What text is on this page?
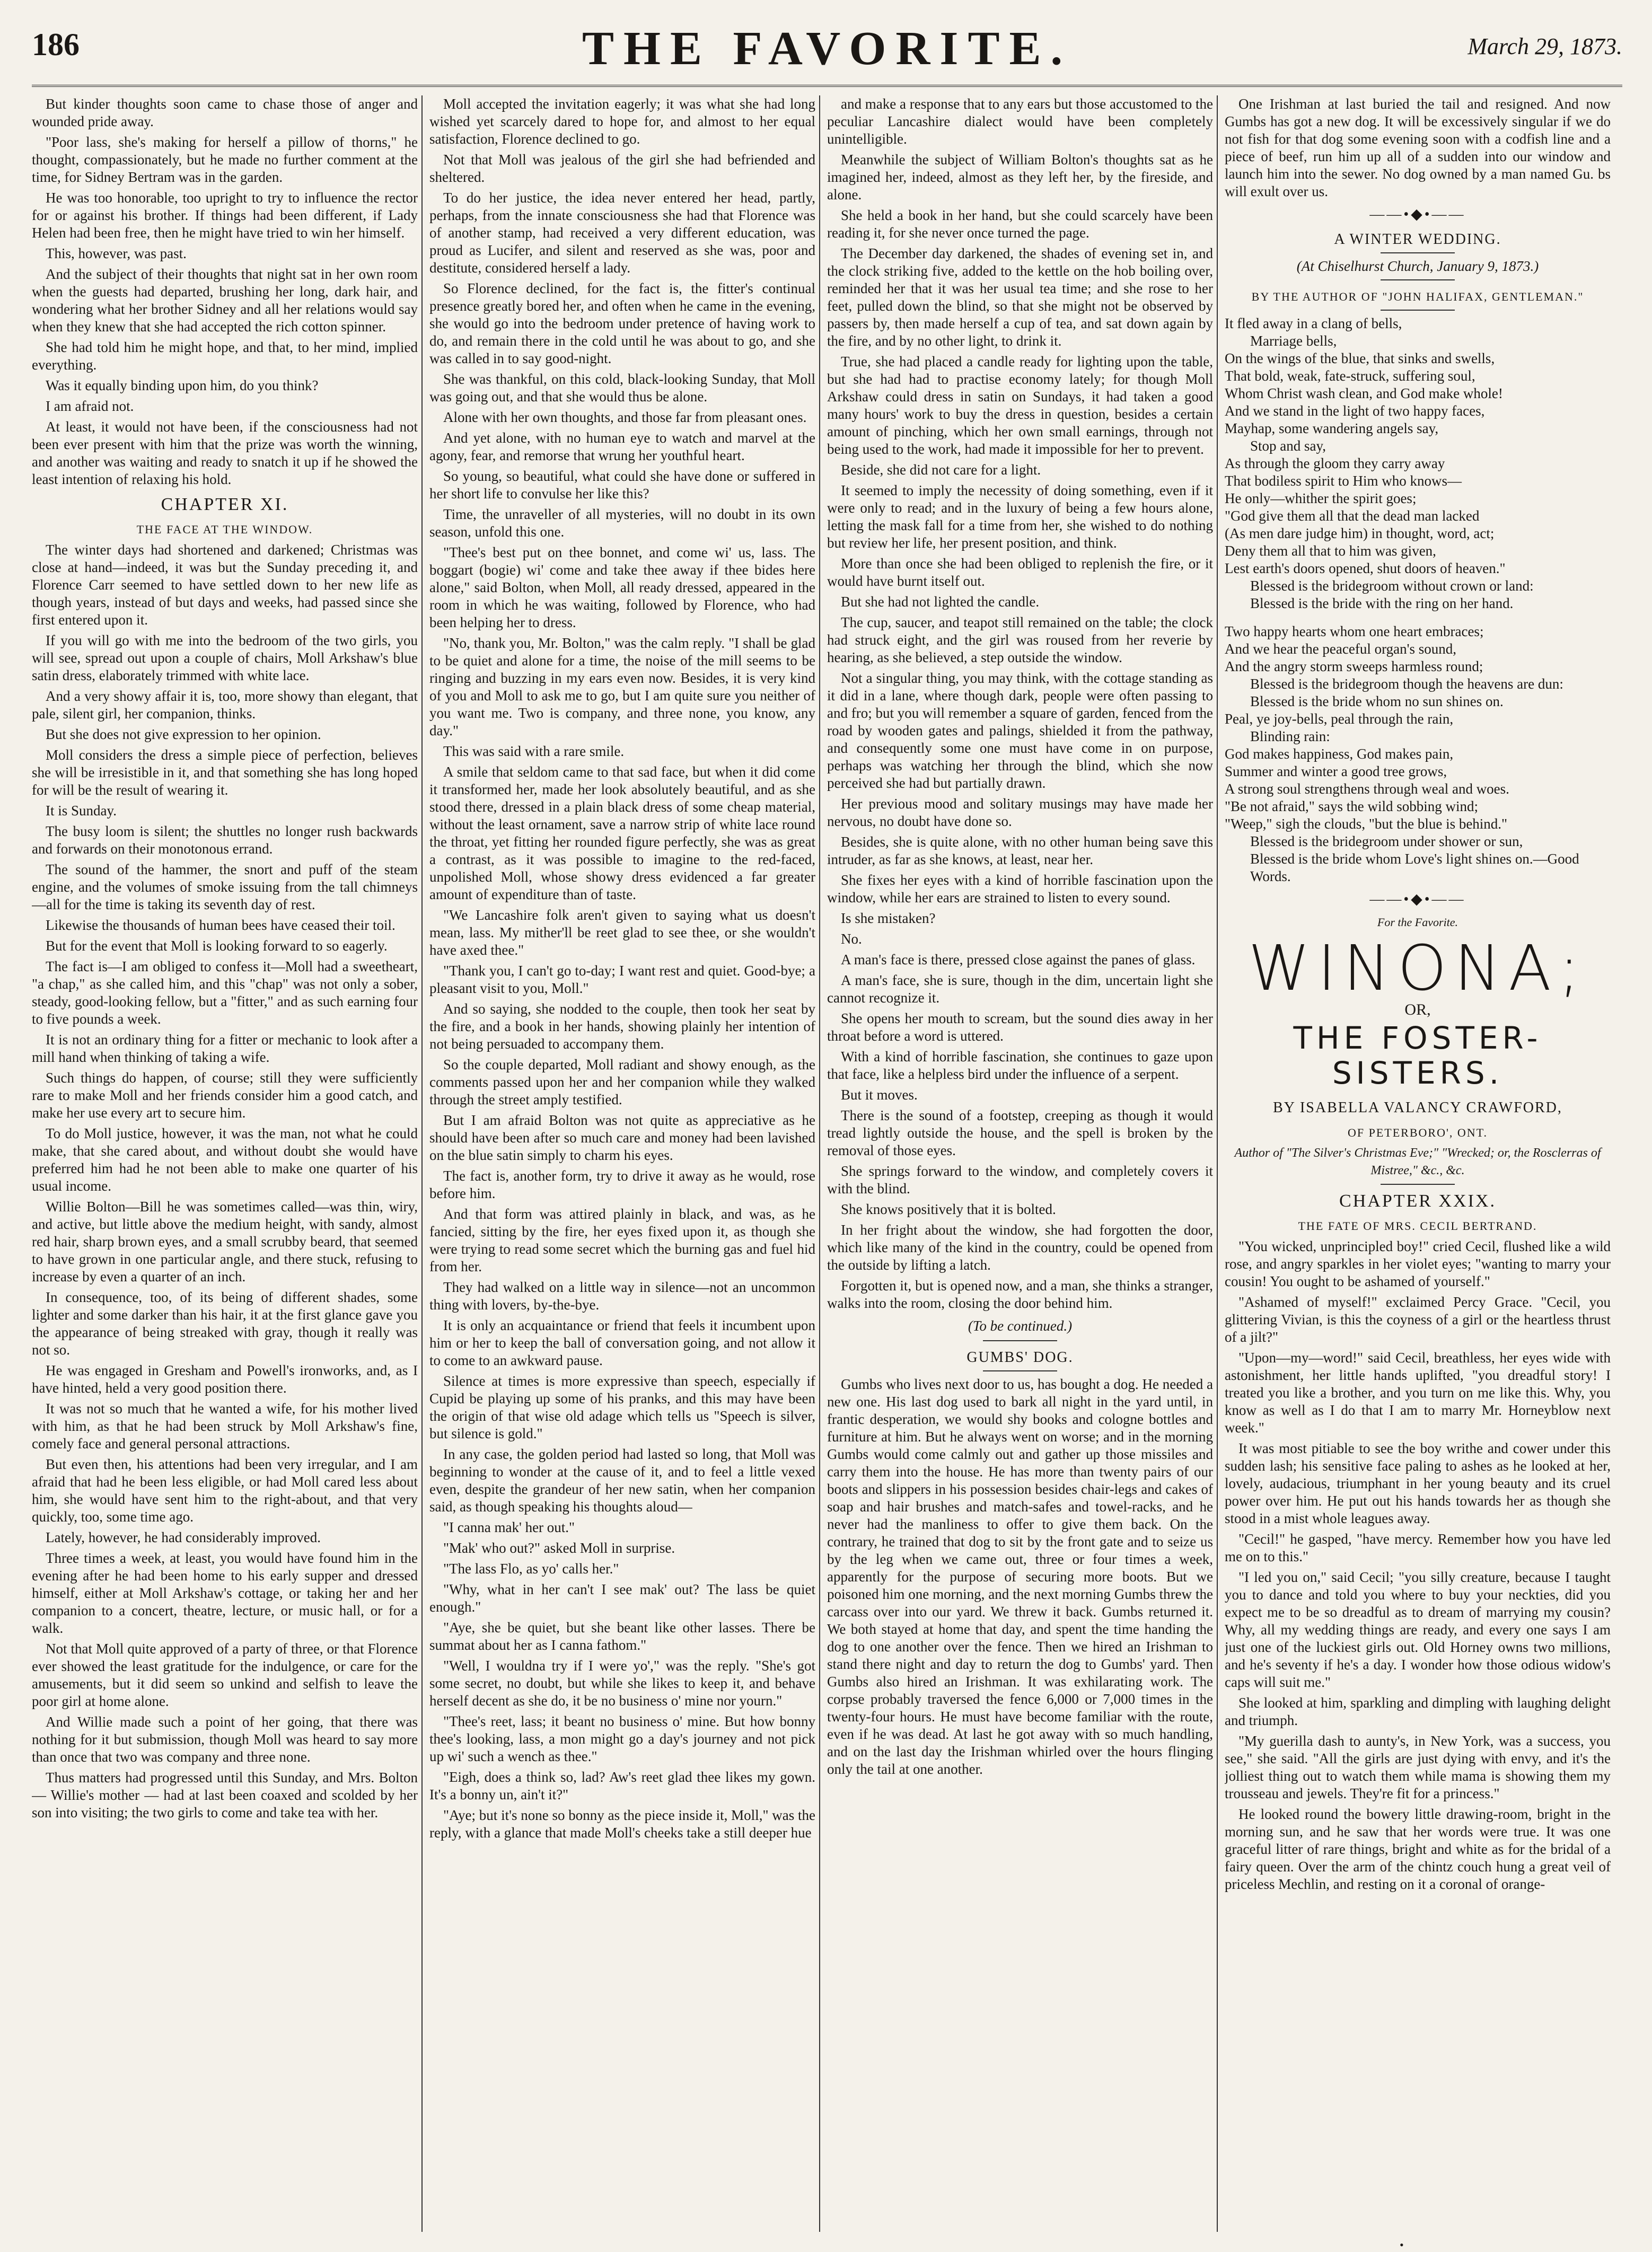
186	THE FAVORITE.	March 29, 1873.

But kinder thoughts soon came to chase those of anger and wounded pride away.

"Poor lass, she's making for herself a pillow of thorns," he thought, compassionately, but he made no further comment at the time, for Sidney Bertram was in the garden.

He was too honorable, too upright to try to influence the rector for or against his brother. If things had been different, if Lady Helen had been free, then he might have tried to win her himself.

This, however, was past.

And the subject of their thoughts that night sat in her own room when the guests had departed, brushing her long, dark hair, and wondering what her brother Sidney and all her relations would say when they knew that she had accepted the rich cotton spinner.

She had told him he might hope, and that, to her mind, implied everything.

Was it equally binding upon him, do you think?

I am afraid not.

At least, it would not have been, if the consciousness had not been ever present with him that the prize was worth the winning, and another was waiting and ready to snatch it up if he showed the least intention of relaxing his hold.

CHAPTER XI.
THE FACE AT THE WINDOW.

The winter days had shortened and darkened; Christmas was close at hand—indeed, it was but the Sunday preceding it, and Florence Carr seemed to have settled down to her new life as though years, instead of but days and weeks, had passed since she first entered upon it.

If you will go with me into the bedroom of the two girls, you will see, spread out upon a couple of chairs, Moll Arkshaw's blue satin dress, elaborately trimmed with white lace.

And a very showy affair it is, too, more showy than elegant, that pale, silent girl, her companion, thinks.

But she does not give expression to her opinion.

Moll considers the dress a simple piece of perfection, believes she will be irresistible in it, and that something she has long hoped for will be the result of wearing it.

It is Sunday.

The busy loom is silent; the shuttles no longer rush backwards and forwards on their monotonous errand.

The sound of the hammer, the snort and puff of the steam engine, and the volumes of smoke issuing from the tall chimneys—all for the time is taking its seventh day of rest.

Likewise the thousands of human bees have ceased their toil.

But for the event that Moll is looking forward to so eagerly.

The fact is—I am obliged to confess it—Moll had a sweetheart, "a chap," as she called him, and this "chap" was not only a sober, steady, good-looking fellow, but a "fitter," and as such earning four to five pounds a week.

It is not an ordinary thing for a fitter or mechanic to look after a mill hand when thinking of taking a wife.

Such things do happen, of course; still they were sufficiently rare to make Moll and her friends consider him a good catch, and make her use every art to secure him.

To do Moll justice, however, it was the man, not what he could make, that she cared about, and without doubt she would have preferred him had he not been able to make one quarter of his usual income.

Willie Bolton—Bill he was sometimes called—was thin, wiry, and active, but little above the medium height, with sandy, almost red hair, sharp brown eyes, and a small scrubby beard, that seemed to have grown in one particular angle, and there stuck, refusing to increase by even a quarter of an inch.

In consequence, too, of its being of different shades, some lighter and some darker than his hair, it at the first glance gave you the appearance of being streaked with gray, though it really was not so.

He was engaged in Gresham and Powell's ironworks, and, as I have hinted, held a very good position there.

It was not so much that he wanted a wife, for his mother lived with him, as that he had been struck by Moll Arkshaw's fine, comely face and general personal attractions.

But even then, his attentions had been very irregular, and I am afraid that had he been less eligible, or had Moll cared less about him, she would have sent him to the right-about, and that very quickly, too, some time ago.

Lately, however, he had considerably improved.

Three times a week, at least, you would have found him in the evening after he had been home to his early supper and dressed himself, either at Moll Arkshaw's cottage, or taking her and her companion to a concert, theatre, lecture, or music hall, or for a walk.

Not that Moll quite approved of a party of three, or that Florence ever showed the least gratitude for the indulgence, or care for the amusements, but it did seem so unkind and selfish to leave the poor girl at home alone.

And Willie made such a point of her going, that there was nothing for it but submission, though Moll was heard to say more than once that two was company and three none.

Thus matters had progressed until this Sunday, and Mrs. Bolton — Willie's mother — had at last been coaxed and scolded by her son into visiting; the two girls to come and take tea with her.

Moll accepted the invitation eagerly; it was what she had long wished yet scarcely dared to hope for, and almost to her equal satisfaction, Florence declined to go.

Not that Moll was jealous of the girl she had befriended and sheltered.

To do her justice, the idea never entered her head, partly, perhaps, from the innate consciousness she had that Florence was of another stamp, had received a very different education, was proud as Lucifer, and silent and reserved as she was, poor and destitute, considered herself a lady.

So Florence declined, for the fact is, the fitter's continual presence greatly bored her, and often when he came in the evening, she would go into the bedroom under pretence of having work to do, and remain there in the cold until he was about to go, and she was called in to say good-night.

She was thankful, on this cold, black-looking Sunday, that Moll was going out, and that she would thus be alone.

Alone with her own thoughts, and those far from pleasant ones.

And yet alone, with no human eye to watch and marvel at the agony, fear, and remorse that wrung her youthful heart.

So young, so beautiful, what could she have done or suffered in her short life to convulse her like this?

Time, the unraveller of all mysteries, will no doubt in its own season, unfold this one.

"Thee's best put on thee bonnet, and come wi' us, lass. The boggart (bogie) wi' come and take thee away if thee bides here alone," said Bolton, when Moll, all ready dressed, appeared in the room in which he was waiting, followed by Florence, who had been helping her to dress.

"No, thank you, Mr. Bolton," was the calm reply. "I shall be glad to be quiet and alone for a time, the noise of the mill seems to be ringing and buzzing in my ears even now. Besides, it is very kind of you and Moll to ask me to go, but I am quite sure you neither of you want me. Two is company, and three none, you know, any day."

This was said with a rare smile.

A smile that seldom came to that sad face, but when it did come it transformed her, made her look absolutely beautiful, and as she stood there, dressed in a plain black dress of some cheap material, without the least ornament, save a narrow strip of white lace round the throat, yet fitting her rounded figure perfectly, she was as great a contrast, as it was possible to imagine to the red-faced, unpolished Moll, whose showy dress evidenced a far greater amount of expenditure than of taste.

"We Lancashire folk aren't given to saying what us doesn't mean, lass. My mither'll be reet glad to see thee, or she wouldn't have axed thee."

"Thank you, I can't go to-day; I want rest and quiet. Good-bye; a pleasant visit to you, Moll."

And so saying, she nodded to the couple, then took her seat by the fire, and a book in her hands, showing plainly her intention of not being persuaded to accompany them.

So the couple departed, Moll radiant and showy enough, as the comments passed upon her and her companion while they walked through the street amply testified.

But I am afraid Bolton was not quite as appreciative as he should have been after so much care and money had been lavished on the blue satin simply to charm his eyes.

The fact is, another form, try to drive it away as he would, rose before him.

And that form was attired plainly in black, and was, as he fancied, sitting by the fire, her eyes fixed upon it, as though she were trying to read some secret which the burning gas and fuel hid from her.

They had walked on a little way in silence—not an uncommon thing with lovers, by-the-bye.

It is only an acquaintance or friend that feels it incumbent upon him or her to keep the ball of conversation going, and not allow it to come to an awkward pause.

Silence at times is more expressive than speech, especially if Cupid be playing up some of his pranks, and this may have been the origin of that wise old adage which tells us "Speech is silver, but silence is gold."

In any case, the golden period had lasted so long, that Moll was beginning to wonder at the cause of it, and to feel a little vexed even, despite the grandeur of her new satin, when her companion said, as though speaking his thoughts aloud—

"I canna mak' her out."

"Mak' who out?" asked Moll in surprise.

"The lass Flo, as yo' calls her."

"Why, what in her can't I see mak' out? The lass be quiet enough."

"Aye, she be quiet, but she beant like other lasses. There be summat about her as I canna fathom."

"Well, I wouldna try if I were yo'," was the reply. "She's got some secret, no doubt, but while she likes to keep it, and behave herself decent as she do, it be no business o' mine nor yourn."

"Thee's reet, lass; it beant no business o' mine. But how bonny thee's looking, lass, a mon might go a day's journey and not pick up wi' such a wench as thee."

"Eigh, does a think so, lad? Aw's reet glad thee likes my gown. It's a bonny un, ain't it?"

"Aye; but it's none so bonny as the piece inside it, Moll," was the reply, with a glance that made Moll's cheeks take a still deeper hue

and make a response that to any ears but those accustomed to the peculiar Lancashire dialect would have been completely unintelligible.

Meanwhile the subject of William Bolton's thoughts sat as he imagined her, indeed, almost as they left her, by the fireside, and alone.

She held a book in her hand, but she could scarcely have been reading it, for she never once turned the page.

The December day darkened, the shades of evening set in, and the clock striking five, added to the kettle on the hob boiling over, reminded her that it was her usual tea time; and she rose to her feet, pulled down the blind, so that she might not be observed by passers by, then made herself a cup of tea, and sat down again by the fire, and by no other light, to drink it.

True, she had placed a candle ready for lighting upon the table, but she had had to practise economy lately; for though Moll Arkshaw could dress in satin on Sundays, it had taken a good many hours' work to buy the dress in question, besides a certain amount of pinching, which her own small earnings, through not being used to the work, had made it impossible for her to prevent.

Beside, she did not care for a light.

It seemed to imply the necessity of doing something, even if it were only to read; and in the luxury of being a few hours alone, letting the mask fall for a time from her, she wished to do nothing but review her life, her present position, and think.

More than once she had been obliged to replenish the fire, or it would have burnt itself out.

But she had not lighted the candle.

The cup, saucer, and teapot still remained on the table; the clock had struck eight, and the girl was roused from her reverie by hearing, as she believed, a step outside the window.

Not a singular thing, you may think, with the cottage standing as it did in a lane, where though dark, people were often passing to and fro; but you will remember a square of garden, fenced from the road by wooden gates and palings, shielded it from the pathway, and consequently some one must have come in on purpose, perhaps was watching her through the blind, which she now perceived she had but partially drawn.

Her previous mood and solitary musings may have made her nervous, no doubt have done so.

Besides, she is quite alone, with no other human being save this intruder, as far as she knows, at least, near her.

She fixes her eyes with a kind of horrible fascination upon the window, while her ears are strained to listen to every sound.

Is she mistaken?

No.

A man's face is there, pressed close against the panes of glass.

A man's face, she is sure, though in the dim, uncertain light she cannot recognize it.

She opens her mouth to scream, but the sound dies away in her throat before a word is uttered.

With a kind of horrible fascination, she continues to gaze upon that face, like a helpless bird under the influence of a serpent.

But it moves.

There is the sound of a footstep, creeping as though it would tread lightly outside the house, and the spell is broken by the removal of those eyes.

She springs forward to the window, and completely covers it with the blind.

She knows positively that it is bolted.

In her fright about the window, she had forgotten the door, which like many of the kind in the country, could be opened from the outside by lifting a latch.

Forgotten it, but is opened now, and a man, she thinks a stranger, walks into the room, closing the door behind him.

(To be continued.)
GUMBS' DOG.

Gumbs who lives next door to us, has bought a dog. He needed a new one. His last dog used to bark all night in the yard until, in frantic desperation, we would shy books and cologne bottles and furniture at him. But he always went on worse; and in the morning Gumbs would come calmly out and gather up those missiles and carry them into the house. He has more than twenty pairs of our boots and slippers in his possession besides chair-legs and cakes of soap and hair brushes and match-safes and towel-racks, and he never had the manliness to offer to give them back. On the contrary, he trained that dog to sit by the front gate and to seize us by the leg when we came out, three or four times a week, apparently for the purpose of securing more boots. But we poisoned him one morning, and the next morning Gumbs threw the carcass over into our yard. We threw it back. Gumbs returned it. We both stayed at home that day, and spent the time handing the dog to one another over the fence. Then we hired an Irishman to stand there night and day to return the dog to Gumbs' yard. Then Gumbs also hired an Irishman. It was exhilarating work. The corpse probably traversed the fence 6,000 or 7,000 times in the twenty-four hours. He must have become familiar with the route, even if he was dead. At last he got away with so much handling, and on the last day the Irishman whirled over the hours flinging only the tail at one another.

One Irishman at last buried the tail and resigned. And now Gumbs has got a new dog. It will be excessively singular if we do not fish for that dog some evening soon with a codfish line and a piece of beef, run him up all of a sudden into our window and launch him into the sewer. No dog owned by a man named Gu. bs will exult over us.

——•◆•——
A WINTER WEDDING.
(At Chiselhurst Church, January 9, 1873.)
BY THE AUTHOR OF "JOHN HALIFAX, GENTLEMAN."

It fled away in a clang of bells,

Marriage bells,

On the wings of the blue, that sinks and swells,

That bold, weak, fate-struck, suffering soul,

Whom Christ wash clean, and God make whole!

And we stand in the light of two happy faces,

Mayhap, some wandering angels say,

Stop and say,

As through the gloom they carry away

That bodiless spirit to Him who knows—

He only—whither the spirit goes;

"God give them all that the dead man lacked

(As men dare judge him) in thought, word, act;

Deny them all that to him was given,

Lest earth's doors opened, shut doors of heaven."

Blessed is the bridegroom without crown or land:

Blessed is the bride with the ring on her hand.

Two happy hearts whom one heart embraces;

And we hear the peaceful organ's sound,

And the angry storm sweeps harmless round;

Blessed is the bridegroom though the heavens are dun:

Blessed is the bride whom no sun shines on.

Peal, ye joy-bells, peal through the rain,

Blinding rain:

God makes happiness, God makes pain,

Summer and winter a good tree grows,

A strong soul strengthens through weal and woes.

"Be not afraid," says the wild sobbing wind;

"Weep," sigh the clouds, "but the blue is behind."

Blessed is the bridegroom under shower or sun,

Blessed is the bride whom Love's light shines on.—Good Words.

——•◆•——
For the Favorite.
WINONA;
OR,
THE FOSTER-SISTERS.
BY ISABELLA VALANCY CRAWFORD,
OF PETERBORO', ONT.
Author of "The Silver's Christmas Eve;" "Wrecked; or, the Rosclerras of Mistree," &c., &c.
CHAPTER XXIX.
THE FATE OF MRS. CECIL BERTRAND.

"You wicked, unprincipled boy!" cried Cecil, flushed like a wild rose, and angry sparkles in her violet eyes; "wanting to marry your cousin! You ought to be ashamed of yourself."

"Ashamed of myself!" exclaimed Percy Grace. "Cecil, you glittering Vivian, is this the coyness of a girl or the heartless thrust of a jilt?"

"Upon—my—word!" said Cecil, breathless, her eyes wide with astonishment, her little hands uplifted, "you dreadful story! I treated you like a brother, and you turn on me like this. Why, you know as well as I do that I am to marry Mr. Horneyblow next week."

It was most pitiable to see the boy writhe and cower under this sudden lash; his sensitive face paling to ashes as he looked at her, lovely, audacious, triumphant in her young beauty and its cruel power over him. He put out his hands towards her as though she stood in a mist whole leagues away.

"Cecil!" he gasped, "have mercy. Remember how you have led me on to this."

"I led you on," said Cecil; "you silly creature, because I taught you to dance and told you where to buy your neckties, did you expect me to be so dreadful as to dream of marrying my cousin? Why, all my wedding things are ready, and every one says I am just one of the luckiest girls out. Old Horney owns two millions, and he's seventy if he's a day. I wonder how those odious widow's caps will suit me."

She looked at him, sparkling and dimpling with laughing delight and triumph.

"My guerilla dash to aunty's, in New York, was a success, you see," she said. "All the girls are just dying with envy, and it's the jolliest thing out to watch them while mama is showing them my trousseau and jewels. They're fit for a princess."

He looked round the bowery little drawing-room, bright in the morning sun, and he saw that her words were true. It was one graceful litter of rare things, bright and white as for the bridal of a fairy queen. Over the arm of the chintz couch hung a great veil of priceless Mechlin, and resting on it a coronal of orange-

•
